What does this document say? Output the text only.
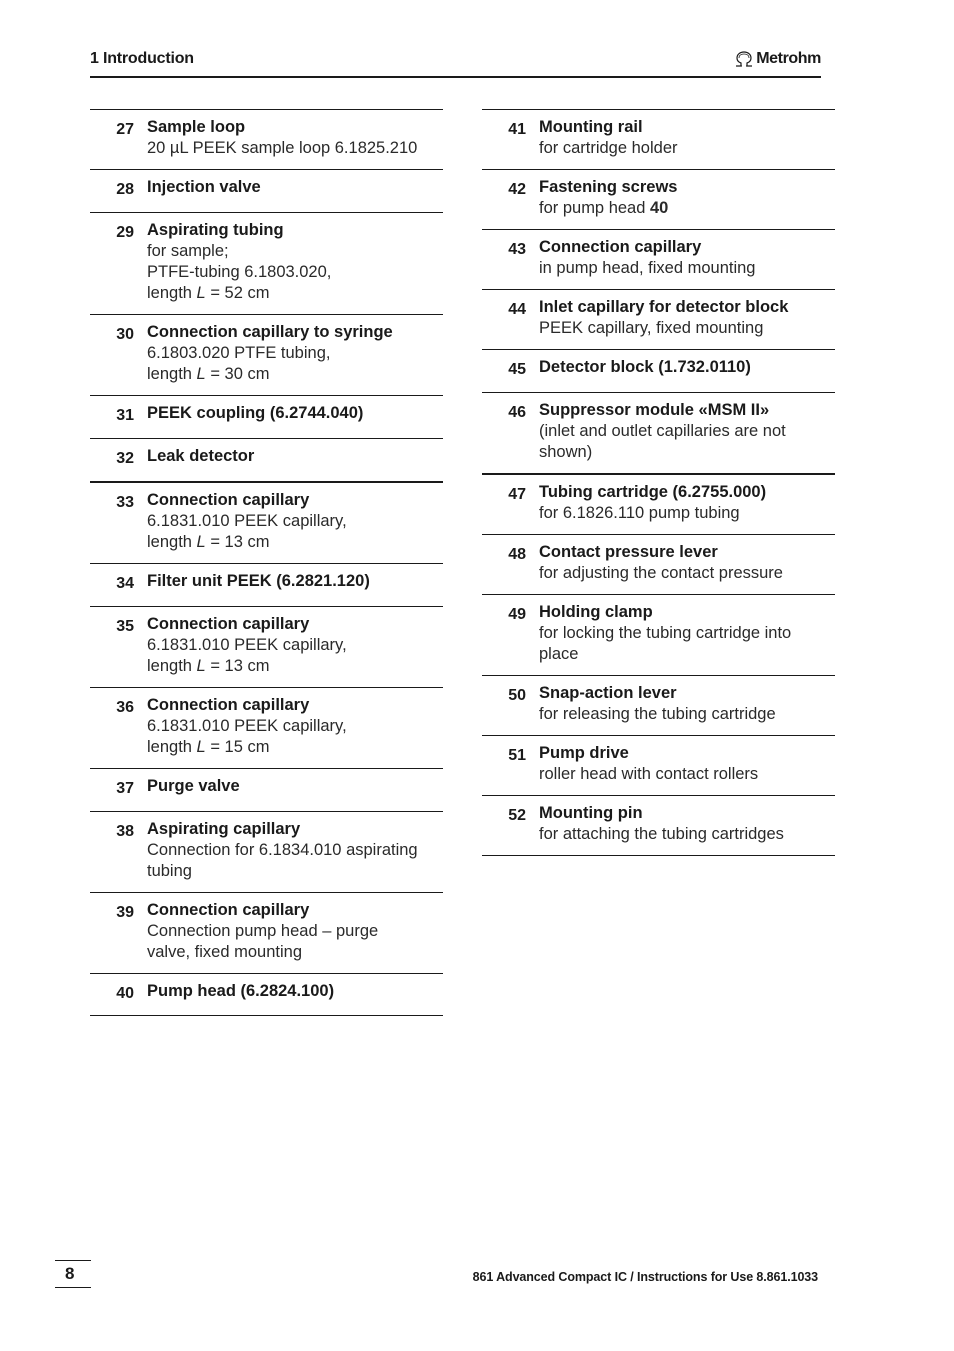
1 Introduction	Metrohm
27 Sample loop
20 µL PEEK sample loop 6.1825.210
28 Injection valve
29 Aspirating tubing
for sample;
PTFE-tubing 6.1803.020,
length L = 52 cm
30 Connection capillary to syringe
6.1803.020 PTFE tubing,
length L = 30 cm
31 PEEK coupling (6.2744.040)
32 Leak detector
33 Connection capillary
6.1831.010 PEEK capillary,
length L = 13 cm
34 Filter unit PEEK (6.2821.120)
35 Connection capillary
6.1831.010 PEEK capillary,
length L = 13 cm
36 Connection capillary
6.1831.010 PEEK capillary,
length L = 15 cm
37 Purge valve
38 Aspirating capillary
Connection for 6.1834.010 aspirating
tubing
39 Connection capillary
Connection pump head – purge
valve, fixed mounting
40 Pump head (6.2824.100)
41 Mounting rail
for cartridge holder
42 Fastening screws
for pump head 40
43 Connection capillary
in pump head, fixed mounting
44 Inlet capillary for detector block
PEEK capillary, fixed mounting
45 Detector block (1.732.0110)
46 Suppressor module «MSM II»
(inlet and outlet capillaries are not
shown)
47 Tubing cartridge (6.2755.000)
for 6.1826.110 pump tubing
48 Contact pressure lever
for adjusting the contact pressure
49 Holding clamp
for locking the tubing cartridge into
place
50 Snap-action lever
for releasing the tubing cartridge
51 Pump drive
roller head with contact rollers
52 Mounting pin
for attaching the tubing cartridges
8	861 Advanced Compact IC / Instructions for Use 8.861.1033
